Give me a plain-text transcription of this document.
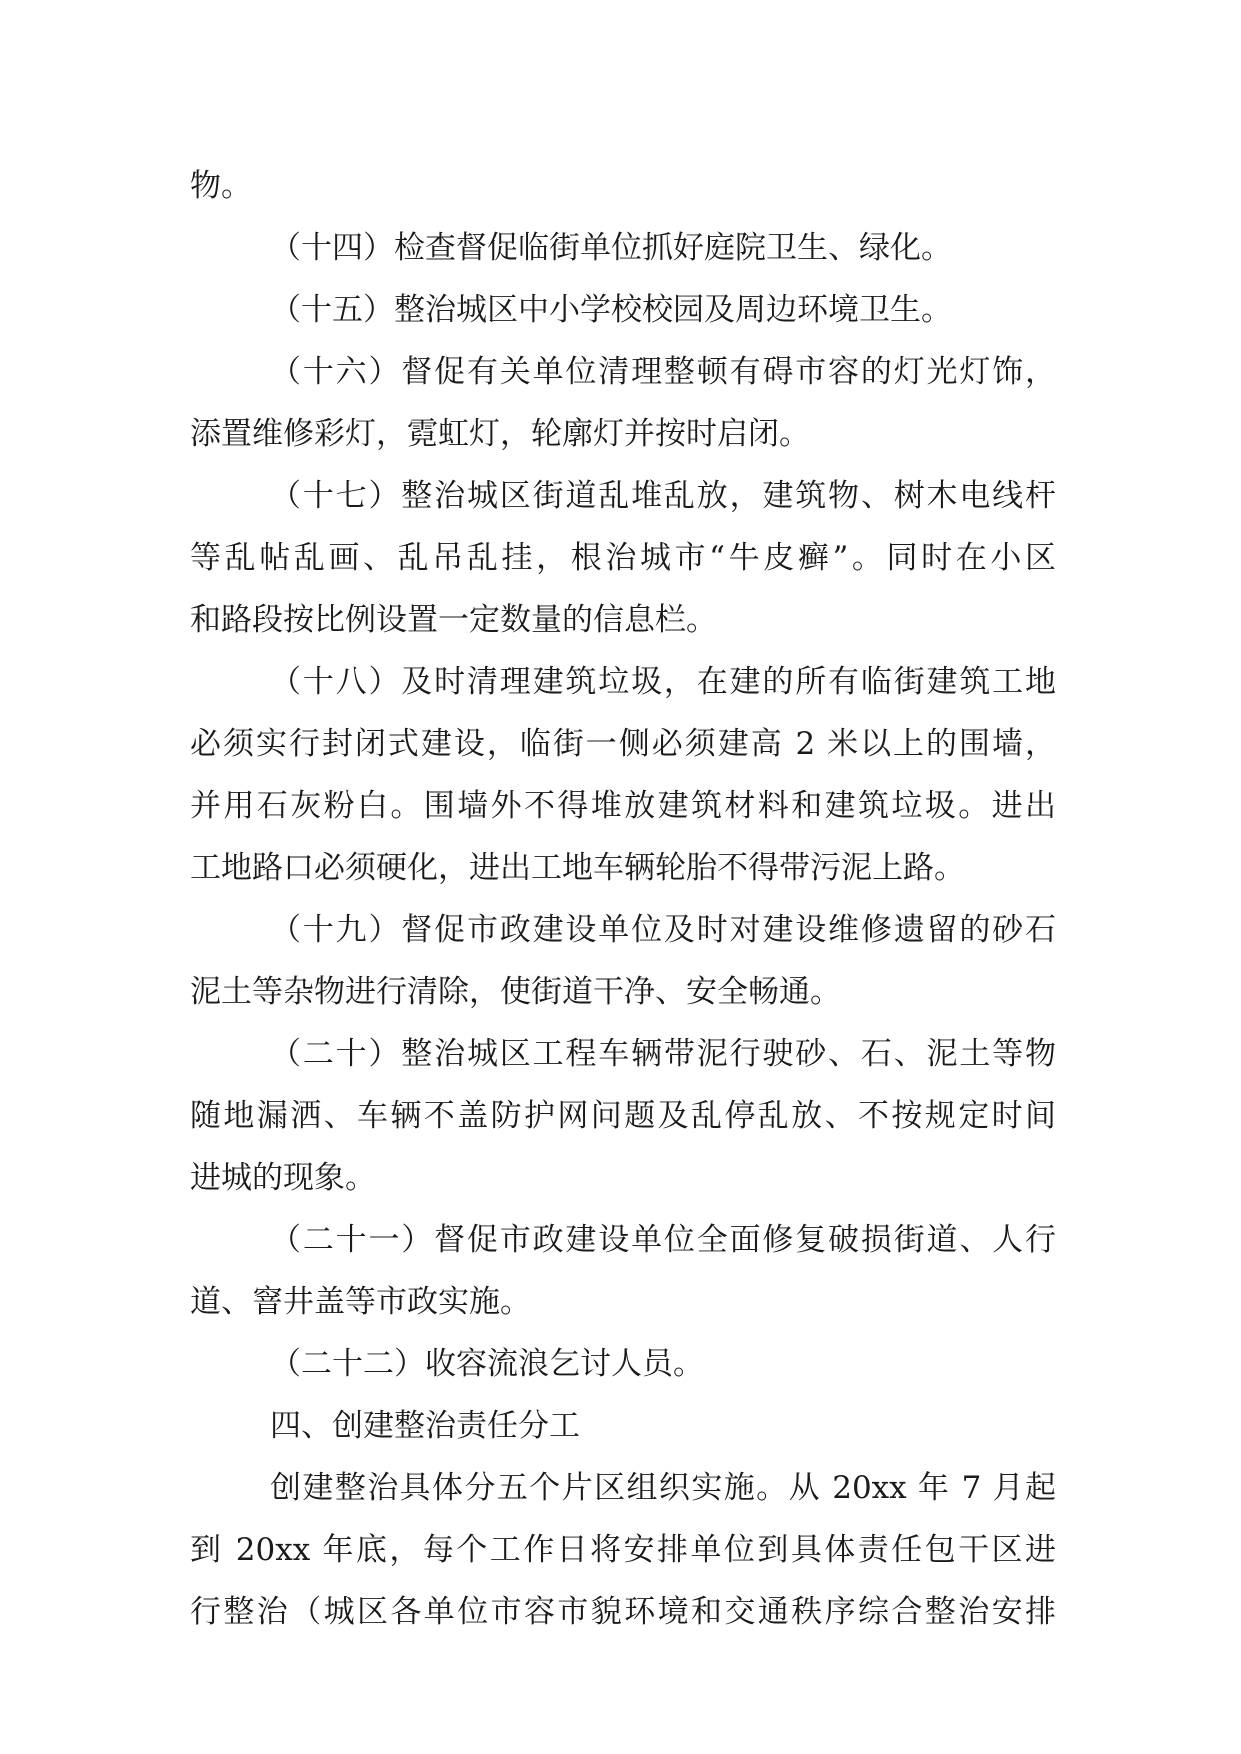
物。
（十四）检查督促临街单位抓好庭院卫生、绿化。
（十五）整治城区中小学校校园及周边环境卫生。
（十六）督促有关单位清理整顿有碍市容的灯光灯饰，
添置维修彩灯，霓虹灯，轮廓灯并按时启闭。
（十七）整治城区街道乱堆乱放，建筑物、树木电线杆
等乱帖乱画、乱吊乱挂，根治城市“牛皮癣”。同时在小区
和路段按比例设置一定数量的信息栏。
（十八）及时清理建筑垃圾，在建的所有临街建筑工地
必须实行封闭式建设，临街一侧必须建高 2 米以上的围墙，
并用石灰粉白。围墙外不得堆放建筑材料和建筑垃圾。进出
工地路口必须硬化，进出工地车辆轮胎不得带污泥上路。
（十九）督促市政建设单位及时对建设维修遗留的砂石
泥土等杂物进行清除，使街道干净、安全畅通。
（二十）整治城区工程车辆带泥行驶砂、石、泥土等物
随地漏洒、车辆不盖防护网问题及乱停乱放、不按规定时间
进城的现象。
（二十一）督促市政建设单位全面修复破损街道、人行
道、窨井盖等市政实施。
（二十二）收容流浪乞讨人员。
四、创建整治责任分工
创建整治具体分五个片区组织实施。从 20xx 年 7 月起
到 20xx 年底，每个工作日将安排单位到具体责任包干区进
行整治（城区各单位市容市貌环境和交通秩序综合整治安排
